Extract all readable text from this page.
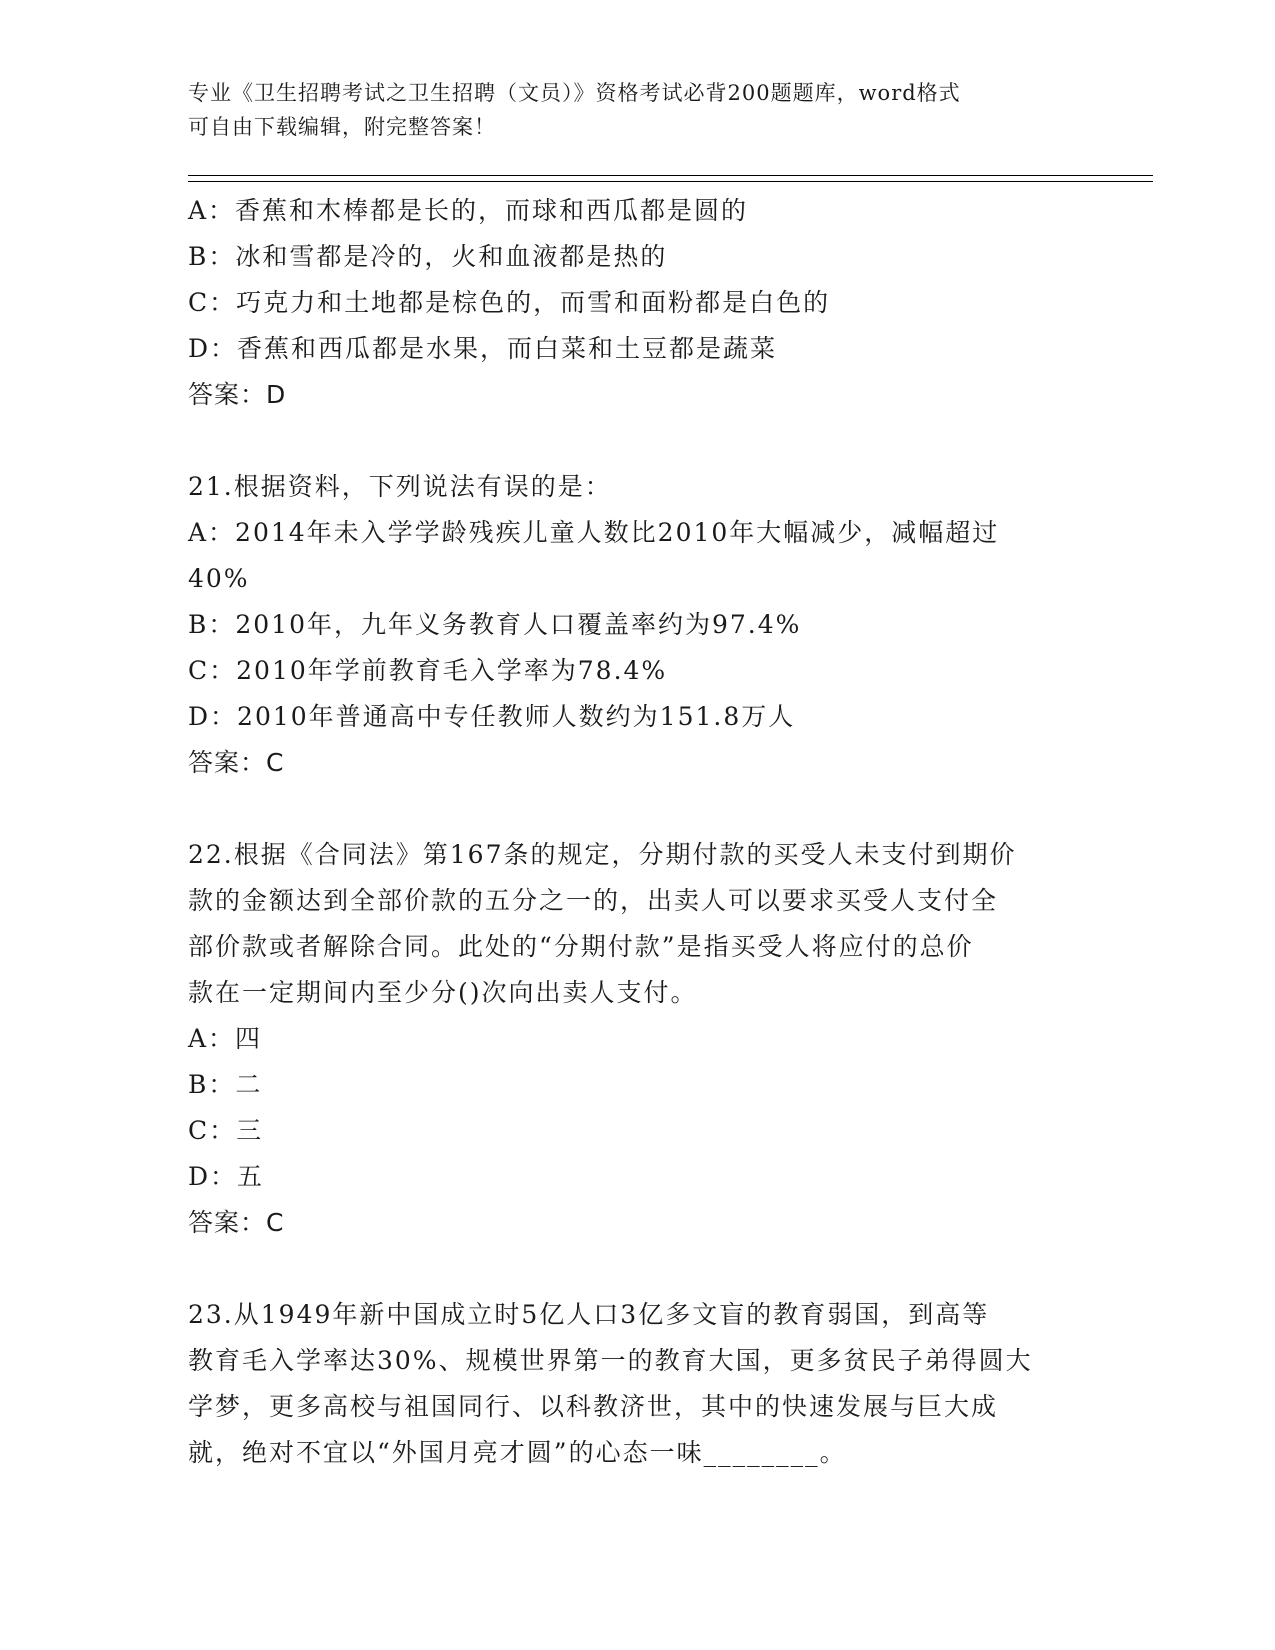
专业《卫生招聘考试之卫生招聘（文员）》资格考试必背200题题库，word格式
可自由下载编辑，附完整答案！
A：香蕉和木棒都是长的，而球和西瓜都是圆的
B：冰和雪都是冷的，火和血液都是热的
C：巧克力和土地都是棕色的，而雪和面粉都是白色的
D：香蕉和西瓜都是水果，而白菜和土豆都是蔬菜
答案：D
21.根据资料，下列说法有误的是：
A：2014年未入学学龄残疾儿童人数比2010年大幅减少，减幅超过
40%
B：2010年，九年义务教育人口覆盖率约为97.4%
C：2010年学前教育毛入学率为78.4%
D：2010年普通高中专任教师人数约为151.8万人
答案：C
22.根据《合同法》第167条的规定，分期付款的买受人未支付到期价
款的金额达到全部价款的五分之一的，出卖人可以要求买受人支付全
部价款或者解除合同。此处的“分期付款”是指买受人将应付的总价
款在一定期间内至少分()次向出卖人支付。
A：四
B：二
C：三
D：五
答案：C
23.从1949年新中国成立时5亿人口3亿多文盲的教育弱国，到高等
教育毛入学率达30%、规模世界第一的教育大国，更多贫民子弟得圆大
学梦，更多高校与祖国同行、以科教济世，其中的快速发展与巨大成
就，绝对不宜以“外国月亮才圆”的心态一味________。
